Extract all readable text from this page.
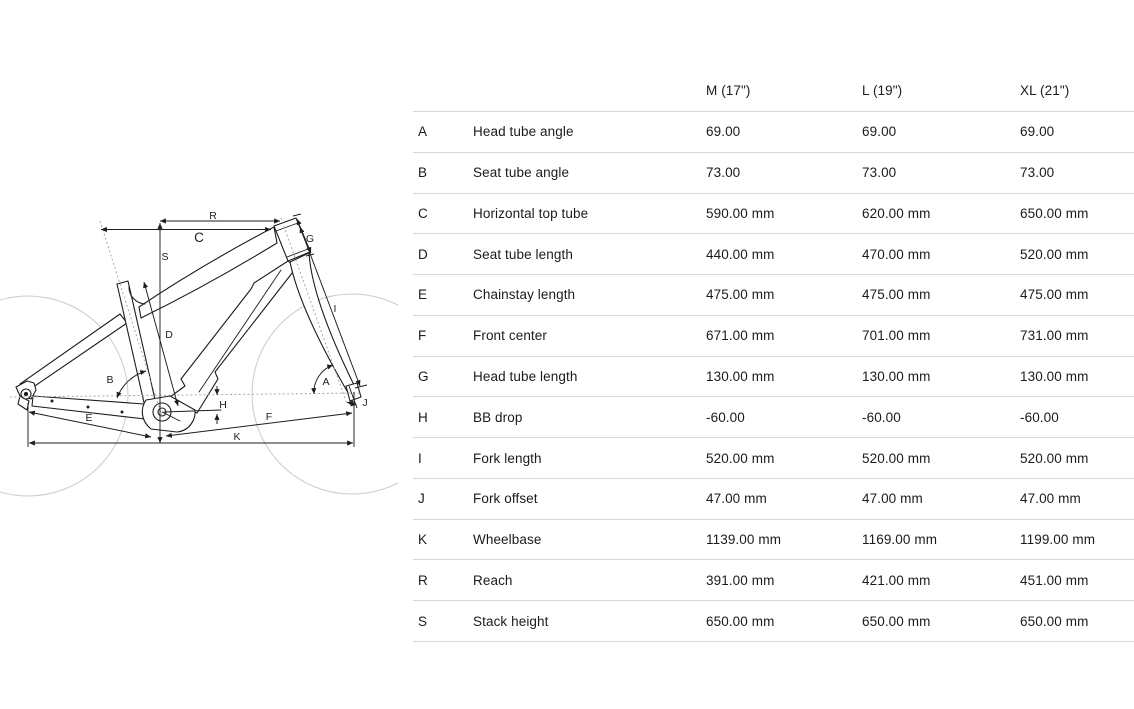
R
C
S
G
D
I
B	A
H	J
E	F
K
M (17")	L (19")	XL (21")
A	Head tube angle	69.00	69.00	69.00
B	Seat tube angle	73.00	73.00	73.00
C	Horizontal top tube	590.00 mm	620.00 mm	650.00 mm
D	Seat tube length	440.00 mm	470.00 mm	520.00 mm
E	Chainstay length	475.00 mm	475.00 mm	475.00 mm
F	Front center	671.00 mm	701.00 mm	731.00 mm
G	Head tube length	130.00 mm	130.00 mm	130.00 mm
H	BB drop	-60.00	-60.00	-60.00
I	Fork length	520.00 mm	520.00 mm	520.00 mm
J	Fork offset	47.00 mm	47.00 mm	47.00 mm
K	Wheelbase	1139.00 mm	1169.00 mm	1199.00 mm
R	Reach	391.00 mm	421.00 mm	451.00 mm
S	Stack height	650.00 mm	650.00 mm	650.00 mm
